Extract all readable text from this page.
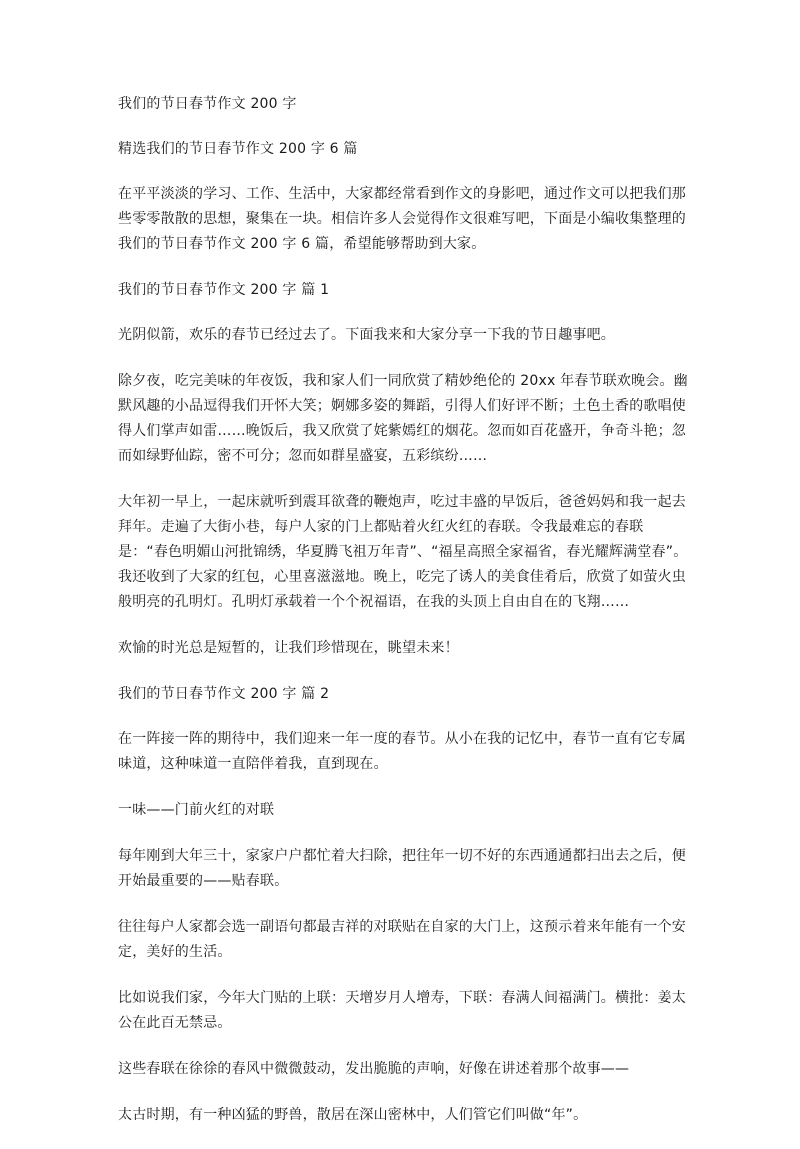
我们的节日春节作文 200 字

精选我们的节日春节作文 200 字 6 篇

在平平淡淡的学习、工作、生活中，大家都经常看到作文的身影吧，通过作文可以把我们那些零零散散的思想，聚集在一块。相信许多人会觉得作文很难写吧，下面是小编收集整理的我们的节日春节作文 200 字 6 篇，希望能够帮助到大家。

我们的节日春节作文 200 字 篇 1

光阴似箭，欢乐的春节已经过去了。下面我来和大家分享一下我的节日趣事吧。

除夕夜，吃完美味的年夜饭，我和家人们一同欣赏了精妙绝伦的 20xx 年春节联欢晚会。幽默风趣的小品逗得我们开怀大笑；婀娜多姿的舞蹈，引得人们好评不断；土色土香的歌唱使得人们掌声如雷……晚饭后，我又欣赏了姹紫嫣红的烟花。忽而如百花盛开，争奇斗艳；忽而如绿野仙踪，密不可分；忽而如群星盛宴，五彩缤纷……

大年初一早上，一起床就听到震耳欲聋的鞭炮声，吃过丰盛的早饭后，爸爸妈妈和我一起去拜年。走遍了大街小巷，每户人家的门上都贴着火红火红的春联。令我最难忘的春联是：“春色明媚山河批锦绣，华夏腾飞祖万年青”、“福星高照全家福省，春光耀辉满堂春”。我还收到了大家的红包，心里喜滋滋地。晚上，吃完了诱人的美食佳肴后，欣赏了如萤火虫般明亮的孔明灯。孔明灯承载着一个个祝福语，在我的头顶上自由自在的飞翔……

欢愉的时光总是短暂的，让我们珍惜现在，眺望未来！

我们的节日春节作文 200 字 篇 2

在一阵接一阵的期待中，我们迎来一年一度的春节。从小在我的记忆中，春节一直有它专属味道，这种味道一直陪伴着我，直到现在。

一味——门前火红的对联

每年刚到大年三十，家家户户都忙着大扫除，把往年一切不好的东西通通都扫出去之后，便开始最重要的——贴春联。

往往每户人家都会选一副语句都最吉祥的对联贴在自家的大门上，这预示着来年能有一个安定，美好的生活。

比如说我们家，今年大门贴的上联：天增岁月人增寿，下联：春满人间福满门。横批：姜太公在此百无禁忌。

这些春联在徐徐的春风中微微鼓动，发出脆脆的声响，好像在讲述着那个故事——

太古时期，有一种凶猛的野兽，散居在深山密林中，人们管它们叫做“年”。
